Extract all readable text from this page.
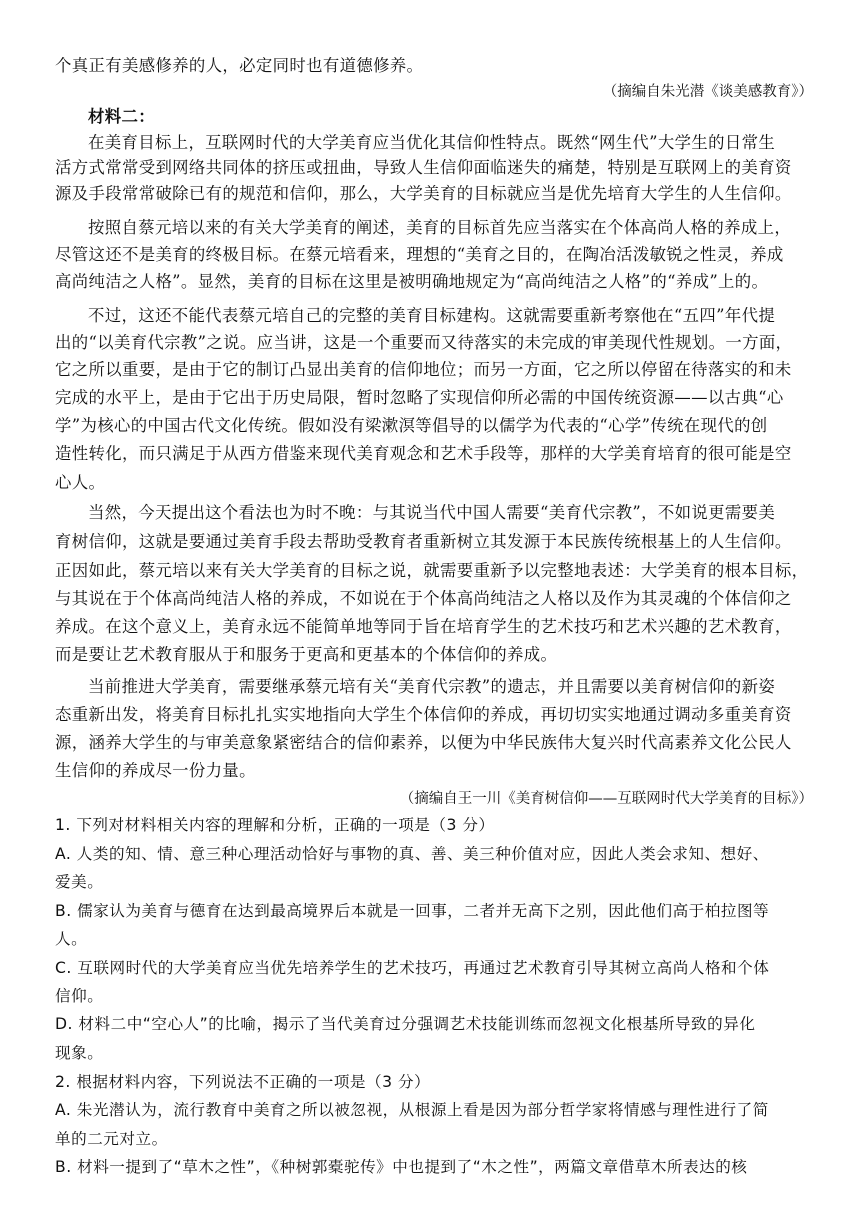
个真正有美感修养的人，必定同时也有道德修养。
（摘编自朱光潜《谈美感教育》）
材料二：
在美育目标上，互联网时代的大学美育应当优化其信仰性特点。既然“网生代”大学生的日常生
活方式常常受到网络共同体的挤压或扭曲，导致人生信仰面临迷失的痛楚，特别是互联网上的美育资
源及手段常常破除已有的规范和信仰，那么，大学美育的目标就应当是优先培育大学生的人生信仰。
按照自蔡元培以来的有关大学美育的阐述，美育的目标首先应当落实在个体高尚人格的养成上，
尽管这还不是美育的终极目标。在蔡元培看来，理想的“美育之目的，在陶冶活泼敏锐之性灵，养成
高尚纯洁之人格”。显然，美育的目标在这里是被明确地规定为“高尚纯洁之人格”的“养成”上的。
不过，这还不能代表蔡元培自己的完整的美育目标建构。这就需要重新考察他在“五四”年代提
出的“以美育代宗教”之说。应当讲，这是一个重要而又待落实的未完成的审美现代性规划。一方面，
它之所以重要，是由于它的制订凸显出美育的信仰地位；而另一方面，它之所以停留在待落实的和未
完成的水平上，是由于它出于历史局限，暂时忽略了实现信仰所必需的中国传统资源——以古典“心
学”为核心的中国古代文化传统。假如没有梁漱溟等倡导的以儒学为代表的“心学”传统在现代的创
造性转化，而只满足于从西方借鉴来现代美育观念和艺术手段等，那样的大学美育培育的很可能是空
心人。
当然，今天提出这个看法也为时不晚：与其说当代中国人需要“美育代宗教”，不如说更需要美
育树信仰，这就是要通过美育手段去帮助受教育者重新树立其发源于本民族传统根基上的人生信仰。
正因如此，蔡元培以来有关大学美育的目标之说，就需要重新予以完整地表述：大学美育的根本目标，
与其说在于个体高尚纯洁人格的养成，不如说在于个体高尚纯洁之人格以及作为其灵魂的个体信仰之
养成。在这个意义上，美育永远不能简单地等同于旨在培育学生的艺术技巧和艺术兴趣的艺术教育，
而是要让艺术教育服从于和服务于更高和更基本的个体信仰的养成。
当前推进大学美育，需要继承蔡元培有关“美育代宗教”的遗志，并且需要以美育树信仰的新姿
态重新出发，将美育目标扎扎实实地指向大学生个体信仰的养成，再切切实实地通过调动多重美育资
源，涵养大学生的与审美意象紧密结合的信仰素养，以便为中华民族伟大复兴时代高素养文化公民人
生信仰的养成尽一份力量。
（摘编自王一川《美育树信仰——互联网时代大学美育的目标》）
1. 下列对材料相关内容的理解和分析，正确的一项是（3 分）
A. 人类的知、情、意三种心理活动恰好与事物的真、善、美三种价值对应，因此人类会求知、想好、
爱美。
B. 儒家认为美育与德育在达到最高境界后本就是一回事，二者并无高下之别，因此他们高于柏拉图等
人。
C. 互联网时代的大学美育应当优先培养学生的艺术技巧，再通过艺术教育引导其树立高尚人格和个体
信仰。
D. 材料二中“空心人”的比喻，揭示了当代美育过分强调艺术技能训练而忽视文化根基所导致的异化
现象。
2. 根据材料内容，下列说法不正确的一项是（3 分）
A. 朱光潜认为，流行教育中美育之所以被忽视，从根源上看是因为部分哲学家将情感与理性进行了简
单的二元对立。
B. 材料一提到了“草木之性”，《种树郭橐驼传》中也提到了“木之性”，两篇文章借草木所表达的核
